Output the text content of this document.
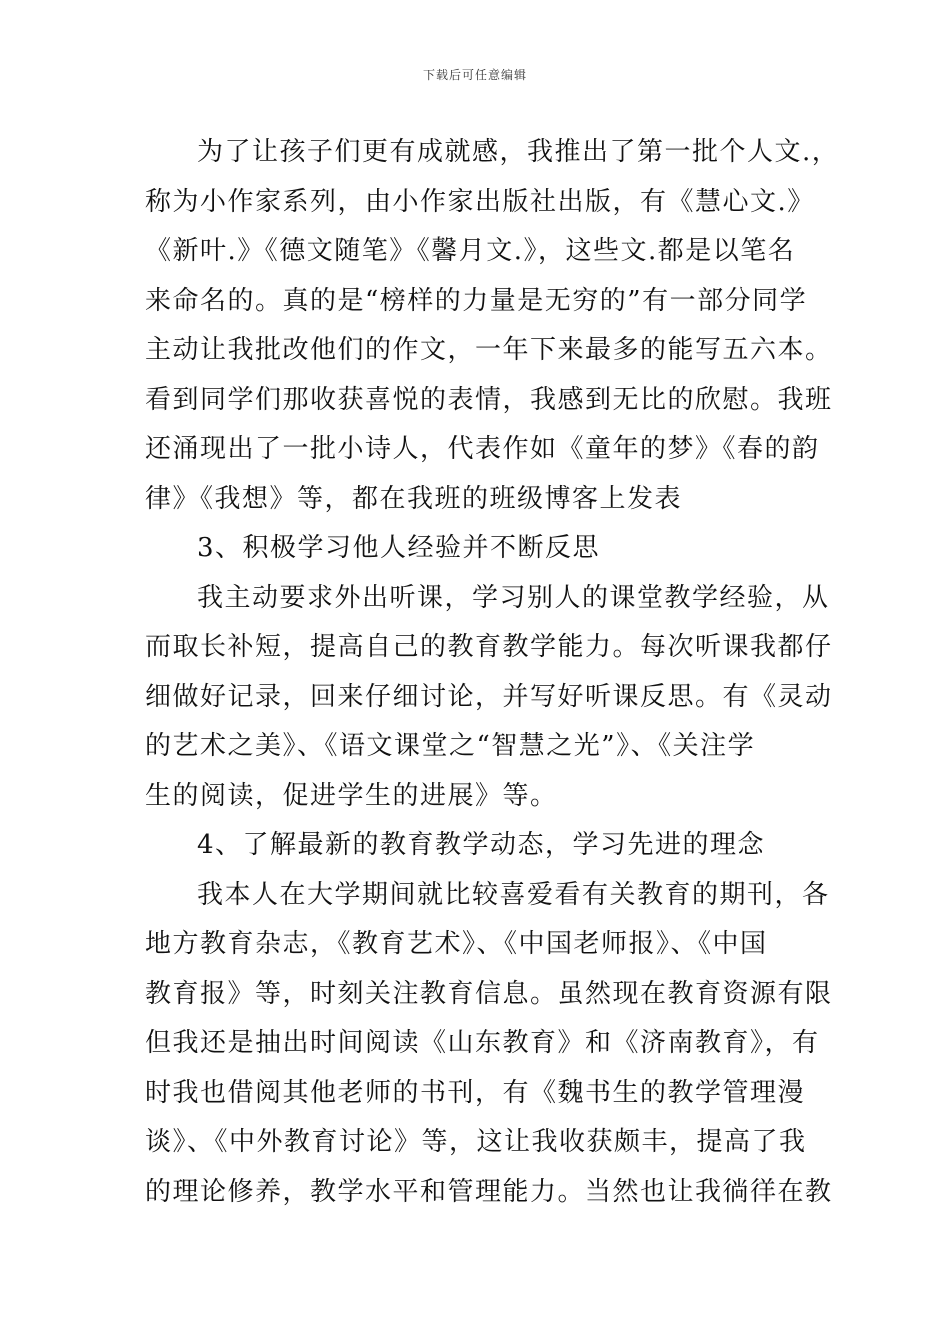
下载后可任意编辑
为了让孩子们更有成就感，我推出了第一批个人文.，
称为小作家系列，由小作家出版社出版，有《慧心文.》
《新叶.》《德文随笔》《馨月文.》，这些文.都是以笔名
来命名的。真的是“榜样的力量是无穷的”有一部分同学
主动让我批改他们的作文，一年下来最多的能写五六本。
看到同学们那收获喜悦的表情，我感到无比的欣慰。我班
还涌现出了一批小诗人，代表作如《童年的梦》《春的韵
律》《我想》等，都在我班的班级博客上发表
3、积极学习他人经验并不断反思
我主动要求外出听课，学习别人的课堂教学经验，从
而取长补短，提高自己的教育教学能力。每次听课我都仔
细做好记录，回来仔细讨论，并写好听课反思。有《灵动
的艺术之美》、《语文课堂之“智慧之光”》、《关注学
生的阅读，促进学生的进展》等。
4、了解最新的教育教学动态，学习先进的理念
我本人在大学期间就比较喜爱看有关教育的期刊，各
地方教育杂志，《教育艺术》、《中国老师报》、《中国
教育报》等，时刻关注教育信息。虽然现在教育资源有限
但我还是抽出时间阅读《山东教育》和《济南教育》，有
时我也借阅其他老师的书刊，有《魏书生的教学管理漫
谈》、《中外教育讨论》等，这让我收获颇丰，提高了我
的理论修养，教学水平和管理能力。当然也让我徜徉在教
